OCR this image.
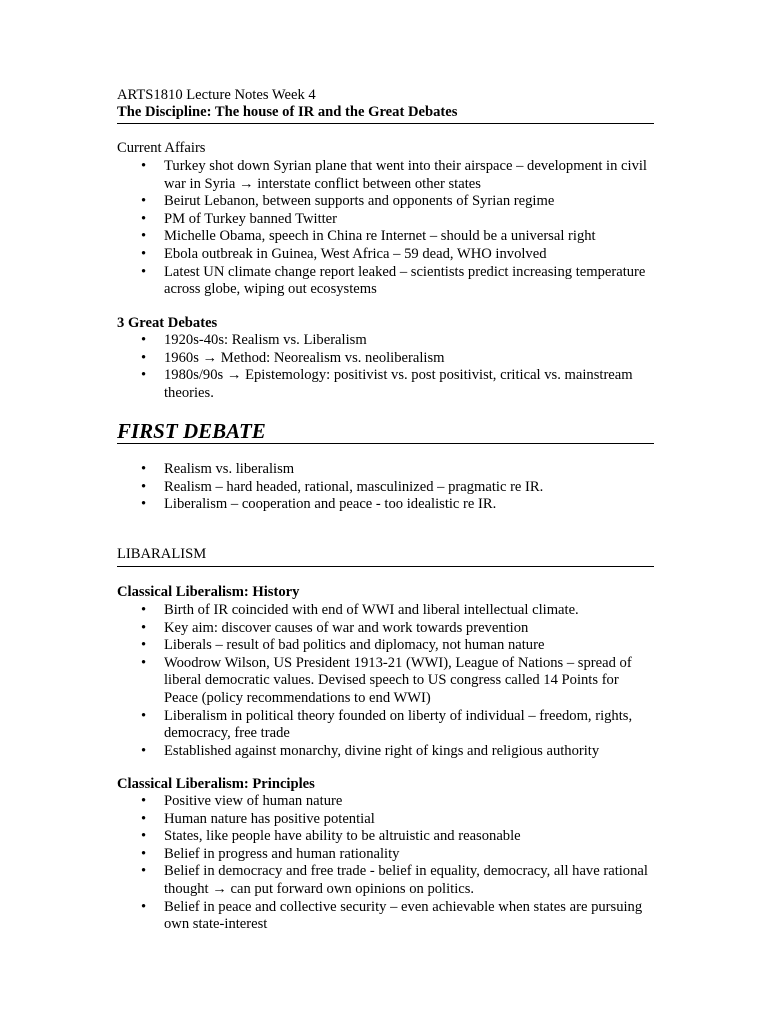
ARTS1810 Lecture Notes Week 4

The Discipline: The house of IR and the Great Debates

Current Affairs

• Turkey shot down Syrian plane that went into their airspace – development in civil war in Syria → interstate conflict between other states
• Beirut Lebanon, between supports and opponents of Syrian regime
• PM of Turkey banned Twitter
• Michelle Obama, speech in China re Internet – should be a universal right
• Ebola outbreak in Guinea, West Africa – 59 dead, WHO involved
• Latest UN climate change report leaked – scientists predict increasing temperature across globe, wiping out ecosystems

3 Great Debates

• 1920s-40s: Realism vs. Liberalism
• 1960s → Method: Neorealism vs. neoliberalism
• 1980s/90s → Epistemology: positivist vs. post positivist, critical vs. mainstream theories.

FIRST DEBATE

• Realism vs. liberalism
• Realism – hard headed, rational, masculinized – pragmatic re IR.
• Liberalism – cooperation and peace - too idealistic re IR.

LIBARALISM

Classical Liberalism: History

• Birth of IR coincided with end of WWI and liberal intellectual climate.
• Key aim: discover causes of war and work towards prevention
• Liberals – result of bad politics and diplomacy, not human nature
• Woodrow Wilson, US President 1913-21 (WWI), League of Nations – spread of liberal democratic values. Devised speech to US congress called 14 Points for Peace (policy recommendations to end WWI)
• Liberalism in political theory founded on liberty of individual – freedom, rights, democracy, free trade
• Established against monarchy, divine right of kings and religious authority

Classical Liberalism: Principles

• Positive view of human nature
• Human nature has positive potential
• States, like people have ability to be altruistic and reasonable
• Belief in progress and human rationality
• Belief in democracy and free trade - belief in equality, democracy, all have rational thought → can put forward own opinions on politics.
• Belief in peace and collective security – even achievable when states are pursuing own state-interest
